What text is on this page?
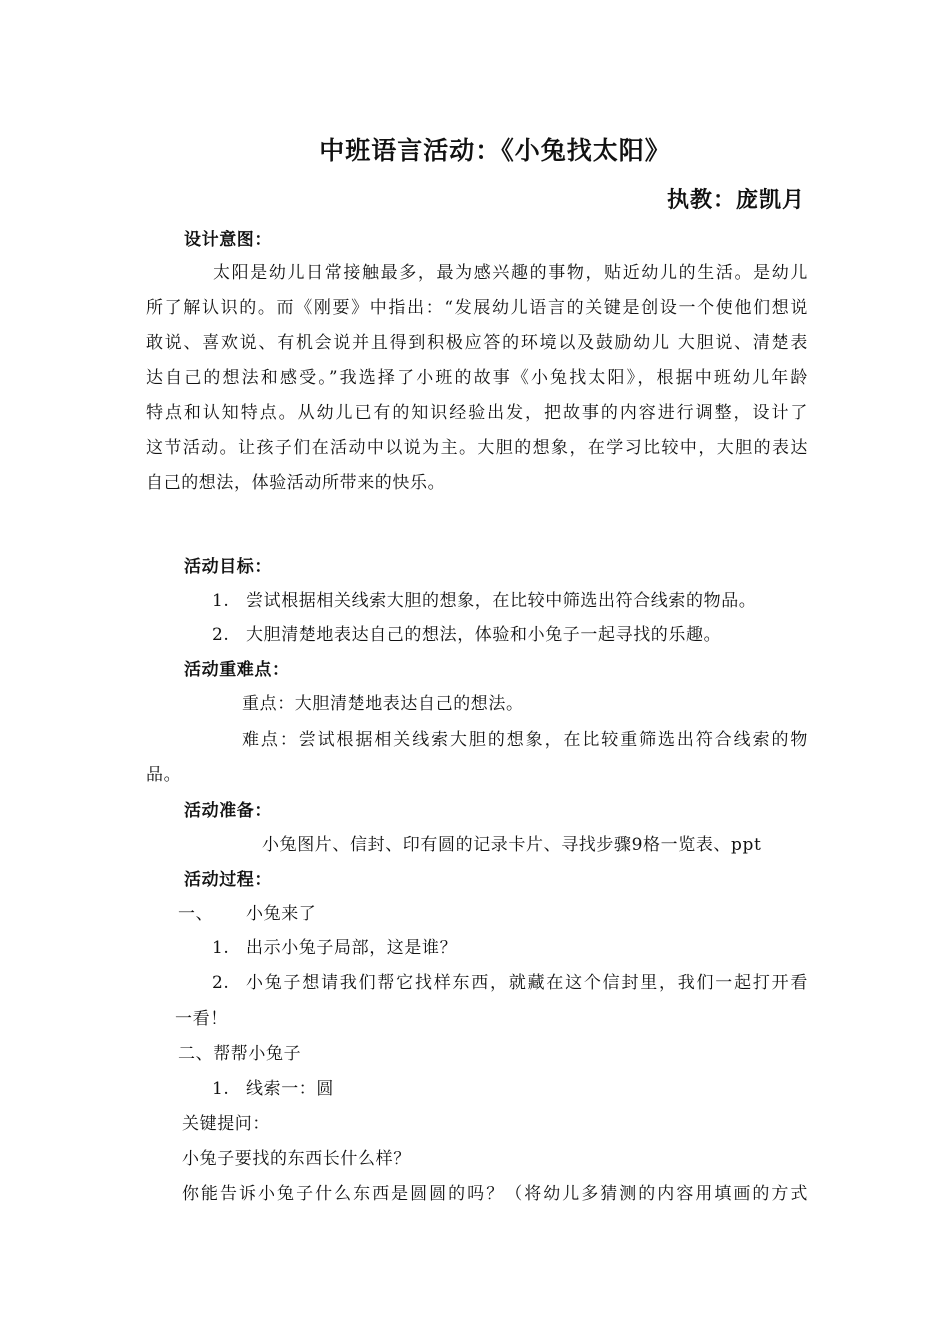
中班语言活动：《小兔找太阳》
执教：庞凯月
设计意图：
太阳是幼儿日常接触最多，最为感兴趣的事物，贴近幼儿的生活。是幼儿
所了解认识的。而《刚要》中指出：“发展幼儿语言的关键是创设一个使他们想说
敢说、喜欢说、有机会说并且得到积极应答的环境以及鼓励幼儿 大胆说、清楚表
达自己的想法和感受。”我选择了小班的故事《小兔找太阳》，根据中班幼儿年龄
特点和认知特点。从幼儿已有的知识经验出发，把故事的内容进行调整，设计了
这节活动。让孩子们在活动中以说为主。大胆的想象，在学习比较中，大胆的表达
自己的想法，体验活动所带来的快乐。
活动目标：
1. 尝试根据相关线索大胆的想象，在比较中筛选出符合线索的物品。
2. 大胆清楚地表达自己的想法，体验和小兔子一起寻找的乐趣。
活动重难点：
重点：大胆清楚地表达自己的想法。
难点：尝试根据相关线索大胆的想象，在比较重筛选出符合线索的物
品。
活动准备：
小兔图片、信封、印有圆的记录卡片、寻找步骤9格一览表、ppt
活动过程：
一、 小兔来了
1. 出示小兔子局部，这是谁？
2. 小兔子想请我们帮它找样东西，就藏在这个信封里，我们一起打开看
一看！
二、帮帮小兔子
1. 线索一：圆
关键提问：
小兔子要找的东西长什么样？
你能告诉小兔子什么东西是圆圆的吗？（将幼儿多猜测的内容用填画的方式
